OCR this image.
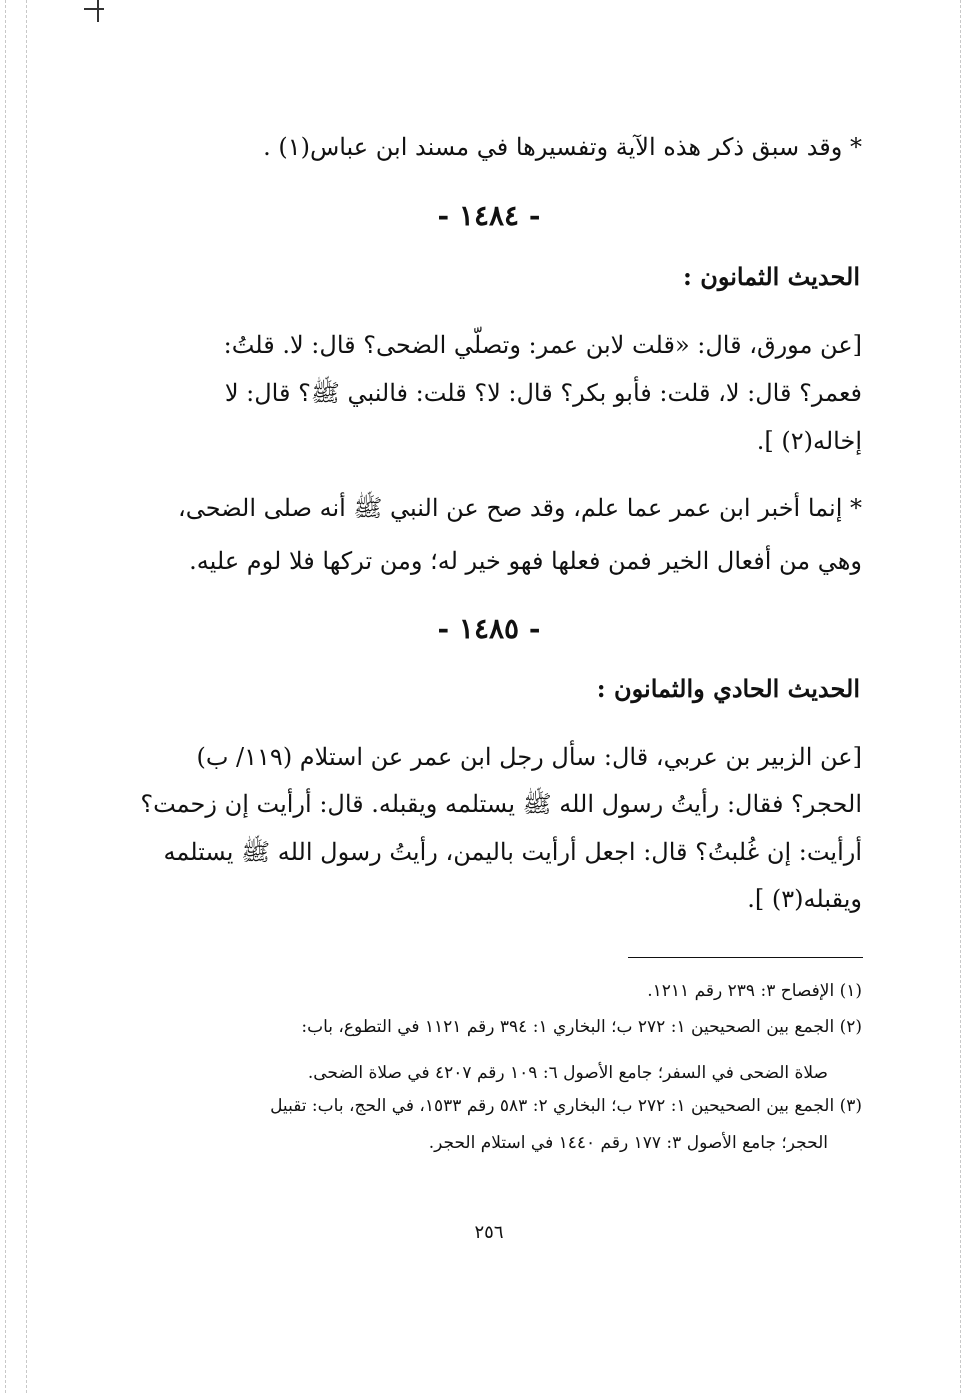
* وقد سبق ذكر هذه الآية وتفسيرها في مسند ابن عباس(١) .
- ١٤٨٤ -
الحديث الثمانون :
[عن مورق، قال: «قلت لابن عمر: وتصلّي الضحى؟ قال: لا. قلتُ:
فعمر؟ قال: لا، قلت: فأبو بكر؟ قال: لا؟ قلت: فالنبي ﷺ؟ قال: لا
إخاله(٢) ].
* إنما أخبر ابن عمر عما علم، وقد صح عن النبي ﷺ أنه صلى الضحى،
وهي من أفعال الخير فمن فعلها فهو خير له؛ ومن تركها فلا لوم عليه.
- ١٤٨٥ -
الحديث الحادي والثمانون :
[عن الزبير بن عربي، قال: سأل رجل ابن عمر عن استلام (١١٩/ ب)
الحجر؟ فقال: رأيتُ رسول الله ﷺ يستلمه ويقبله. قال: أرأيت إن زحمت؟
أرأيت: إن غُلبتُ؟ قال: اجعل أرأيت باليمن، رأيتُ رسول الله ﷺ يستلمه
ويقبله(٣) ].
(١) الإفصاح ٣: ٢٣٩ رقم ١٢١١.
(٢) الجمع بين الصحيحين ١: ٢٧٢ ب؛ البخاري ١: ٣٩٤ رقم ١١٢١ في التطوع، باب:
صلاة الضحى في السفر؛ جامع الأصول ٦: ١٠٩ رقم ٤٢٠٧ في صلاة الضحى.
(٣) الجمع بين الصحيحين ١: ٢٧٢ ب؛ البخاري ٢: ٥٨٣ رقم ١٥٣٣، في الحج، باب: تقبيل
الحجر؛ جامع الأصول ٣: ١٧٧ رقم ١٤٤٠ في استلام الحجر.
٢٥٦
